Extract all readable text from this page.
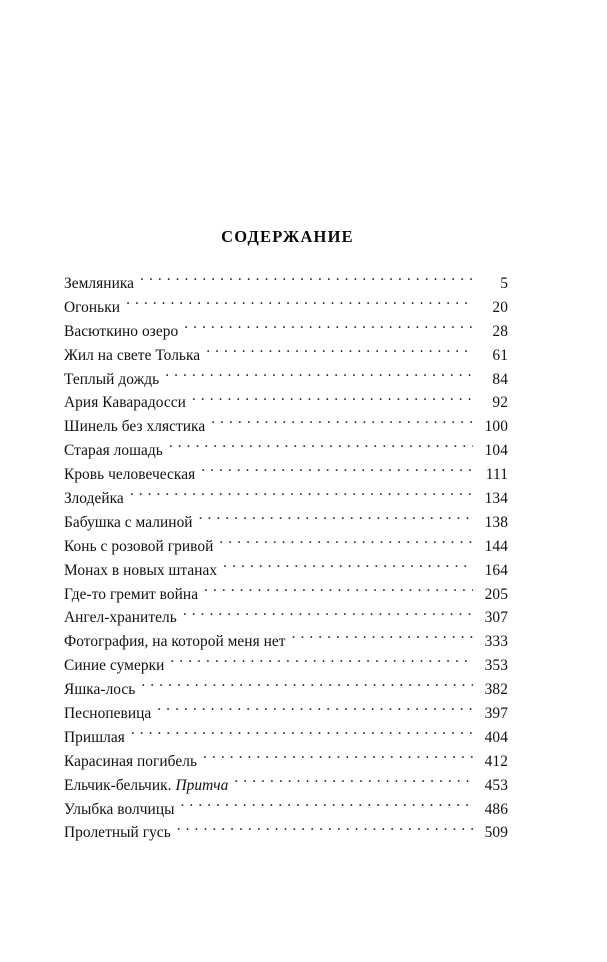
СОДЕРЖАНИЕ
Земляника . . .	5
Огоньки . . .	20
Васюткино озеро . . .	28
Жил на свете Толька . . .	61
Теплый дождь . . .	84
Ария Каварадосси . . .	92
Шинель без хлястика . . .	100
Старая лошадь . . .	104
Кровь человеческая . . .	111
Злодейка . . .	134
Бабушка с малиной . . .	138
Конь с розовой гривой . . .	144
Монах в новых штанах . . .	164
Где-то гремит война . . .	205
Ангел-хранитель . . .	307
Фотография, на которой меня нет . . .	333
Синие сумерки . . .	353
Яшка-лось . . .	382
Песнопевица . . .	397
Пришлая . . .	404
Карасиная погибель . . .	412
Ельчик-бельчик. Притча . . .	453
Улыбка волчицы . . .	486
Пролетный гусь . . .	509
